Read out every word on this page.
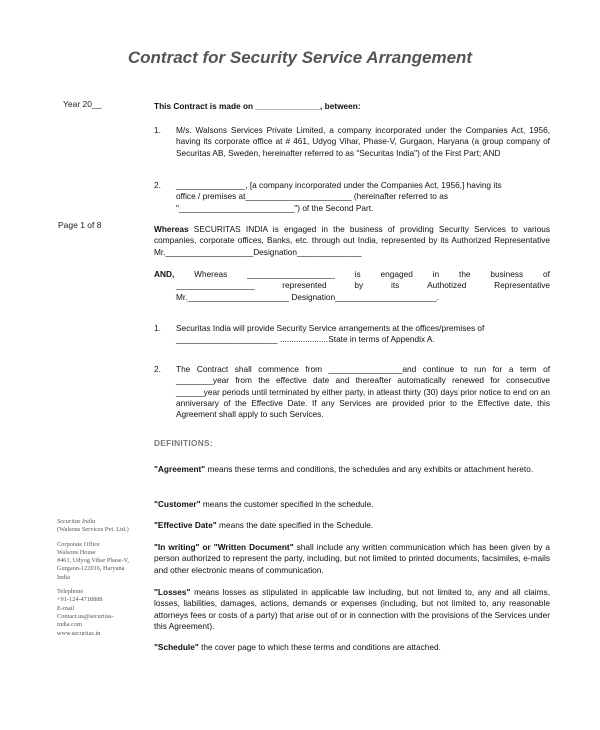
Contract for Security Service Arrangement
Year 20__
Page 1 of 8
Securitas India
(Walsons Services Pvt. Ltd.)
Corporate Office
Walsons House
#461, Udyog Vihar Phase-V,
Gurgaon-122016, Haryana
India
Telephone
+91-124-4718888
E-mail
Contact.us@securitas-
india.com
www.securitas.in
This Contract is made on ______________, between:
1. M/s. Walsons Services Private Limited, a company incorporated under the Companies Act, 1956, having its corporate office at # 461, Udyog Vihar, Phase-V, Gurgaon, Haryana (a group company of Securitas AB, Sweden, hereinafter referred to as "Securitas India") of the First Part; AND
2. _______________, [a company incorporated under the Companies Act, 1956,] having its
office / premises at_______________________ (hereinafter referred to as
"_________________________") of the Second Part.
Whereas SECURITAS INDIA is engaged in the business of providing Security Services to various companies, corporate offices, Banks, etc. through out India, represented by its Authorized Representative Mr.___________________Designation______________
AND, Whereas ___________________ is engaged in the business of
_________________	represented	by	its	Authotized	Representative
Mr.______________________ Designation______________________.
1. Securitas India will provide Security Service arrangements at the offices/premises of
______________________ .....................State in terms of Appendix A.
2. The Contract shall commence from ________________and continue to run for a term of ________year from the effective date and thereafter automatically renewed for consecutive ______year periods until terminated by either party, in atleast thirty (30) days prior notice to end on an anniversary of the Effective Date. If any Services are provided prior to the Effective date, this Agreement shall apply to such Services.
DEFINITIONS:
"Agreement" means these terms and conditions, the schedules and any exhibits or attachment hereto.
"Customer" means the customer specified in the schedule.
"Effective Date" means the date specified in the Schedule.
"In writing" or "Written Document" shall include any written communication which has been given by a person authorized to represent the party, including, but not limited to printed documents, facsimiles, e-mails and other electronic means of communication.
"Losses" means losses as stipulated in applicable law including, but not limited to, any and all claims, losses, liabilities, damages, actions, demands or expenses (including, but not limited to, any reasonable attorneys fees or costs of a party) that arise out of or in connection with the provisions of the Services under this Agreement).
"Schedule" the cover page to which these terms and conditions are attached.
